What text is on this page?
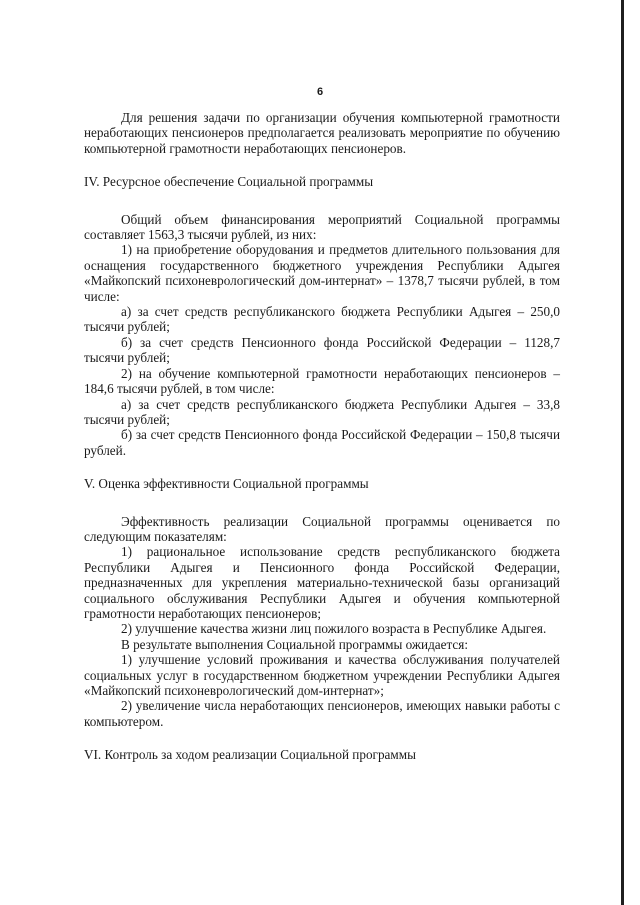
6

Для решения задачи по организации обучения компьютерной грамотности неработающих пенсионеров предполагается реализовать мероприятие по обучению компьютерной грамотности неработающих пенсионеров.

IV. Ресурсное обеспечение Социальной программы

Общий объем финансирования мероприятий Социальной программы составляет 1563,3 тысячи рублей, из них:

1) на приобретение оборудования и предметов длительного пользования для оснащения государственного бюджетного учреждения Республики Адыгея «Майкопский психоневрологический дом-интернат» – 1378,7 тысячи рублей, в том числе:

а) за счет средств республиканского бюджета Республики Адыгея – 250,0 тысячи рублей;

б) за счет средств Пенсионного фонда Российской Федерации – 1128,7 тысячи рублей;

2) на обучение компьютерной грамотности неработающих пенсионеров – 184,6 тысячи рублей, в том числе:

а) за счет средств республиканского бюджета Республики Адыгея – 33,8 тысячи рублей;

б) за счет средств Пенсионного фонда Российской Федерации – 150,8 тысячи рублей.

V. Оценка эффективности Социальной программы

Эффективность реализации Социальной программы оценивается по следующим показателям:

1) рациональное использование средств республиканского бюджета Республики Адыгея и Пенсионного фонда Российской Федерации, предназначенных для укрепления материально-технической базы организаций социального обслуживания Республики Адыгея и обучения компьютерной грамотности неработающих пенсионеров;

2) улучшение качества жизни лиц пожилого возраста в Республике Адыгея.

В результате выполнения Социальной программы ожидается:

1) улучшение условий проживания и качества обслуживания получателей социальных услуг в государственном бюджетном учреждении Республики Адыгея «Майкопский психоневрологический дом-интернат»;

2) увеличение числа неработающих пенсионеров, имеющих навыки работы с компьютером.

VI. Контроль за ходом реализации Социальной программы
